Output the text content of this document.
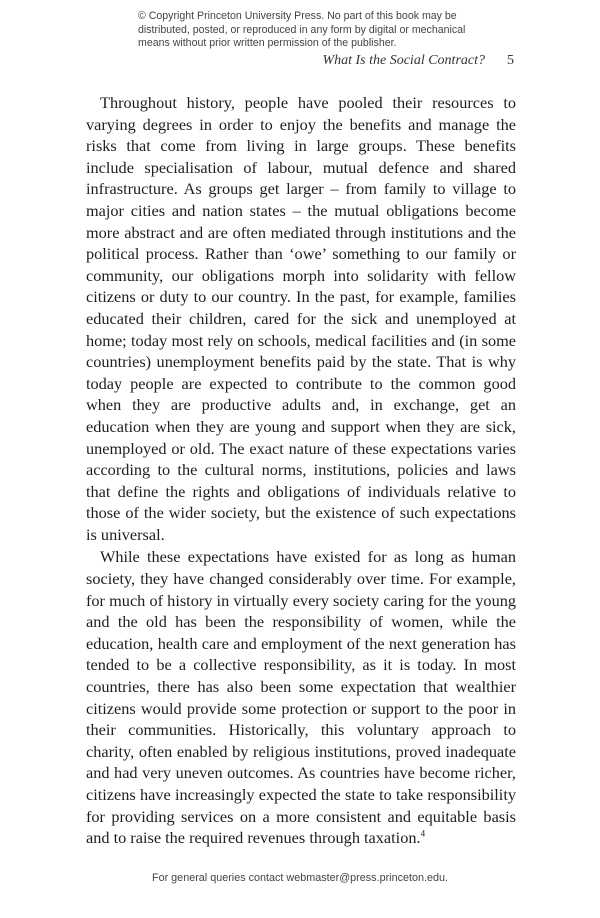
© Copyright Princeton University Press. No part of this book may be
distributed, posted, or reproduced in any form by digital or mechanical
means without prior written permission of the publisher.
What Is the Social Contract? 5

Throughout history, people have pooled their resources to varying degrees in order to enjoy the benefits and manage the risks that come from living in large groups. These benefits include specialisation of labour, mutual defence and shared infrastructure. As groups get larger – from family to village to major cities and nation states – the mutual obligations become more abstract and are often mediated through institutions and the political process. Rather than ‘owe’ something to our family or community, our obligations morph into solidarity with fellow citizens or duty to our country. In the past, for example, families educated their children, cared for the sick and unemployed at home; today most rely on schools, medical facilities and (in some countries) unemployment benefits paid by the state. That is why today people are expected to contribute to the common good when they are productive adults and, in exchange, get an education when they are young and support when they are sick, unemployed or old. The exact nature of these expectations varies according to the cultural norms, institutions, policies and laws that define the rights and obligations of individuals relative to those of the wider society, but the existence of such expectations is universal.

While these expectations have existed for as long as human society, they have changed considerably over time. For example, for much of history in virtually every society caring for the young and the old has been the responsibility of women, while the education, health care and employment of the next generation has tended to be a collective responsibility, as it is today. In most countries, there has also been some expectation that wealthier citizens would provide some protection or support to the poor in their communities. Historically, this voluntary approach to charity, often enabled by religious institutions, proved inadequate and had very uneven outcomes. As countries have become richer, citizens have increasingly expected the state to take responsibility for providing services on a more consistent and equitable basis and to raise the required revenues through taxation.$^4$

For general queries contact webmaster@press.princeton.edu.
